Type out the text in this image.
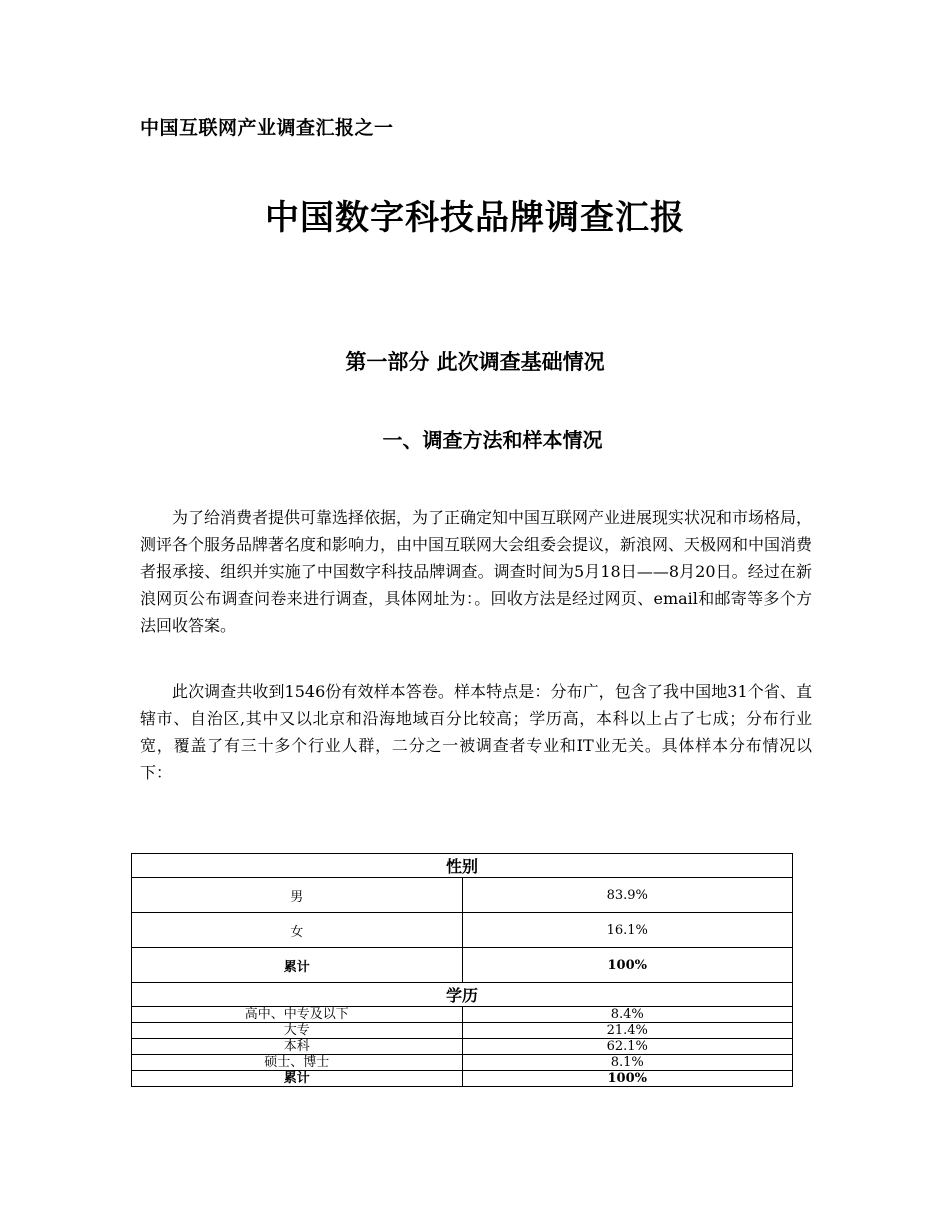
中国互联网产业调查汇报之一
中国数字科技品牌调查汇报
第一部分 此次调查基础情况
一、调查方法和样本情况

为了给消费者提供可靠选择依据，为了正确定知中国互联网产业进展现实状况和市场格局，测评各个服务品牌著名度和影响力，由中国互联网大会组委会提议，新浪网、天极网和中国消费者报承接、组织并实施了中国数字科技品牌调查。调查时间为5月18日——8月20日。经过在新浪网页公布调查问卷来进行调查，具体网址为：。回收方法是经过网页、email和邮寄等多个方法回收答案。

此次调查共收到1546份有效样本答卷。样本特点是：分布广，包含了我中国地31个省、直辖市、自治区,其中又以北京和沿海地域百分比较高；学历高，本科以上占了七成；分布行业宽，覆盖了有三十多个行业人群，二分之一被调查者专业和IT业无关。具体样本分布情况以下：

性别	
男	83.9%
女	16.1%
累计	100%
学历	
高中、中专及以下	8.4%
大专	21.4%
本科	62.1%
硕士、博士	8.1%
累计	100%
